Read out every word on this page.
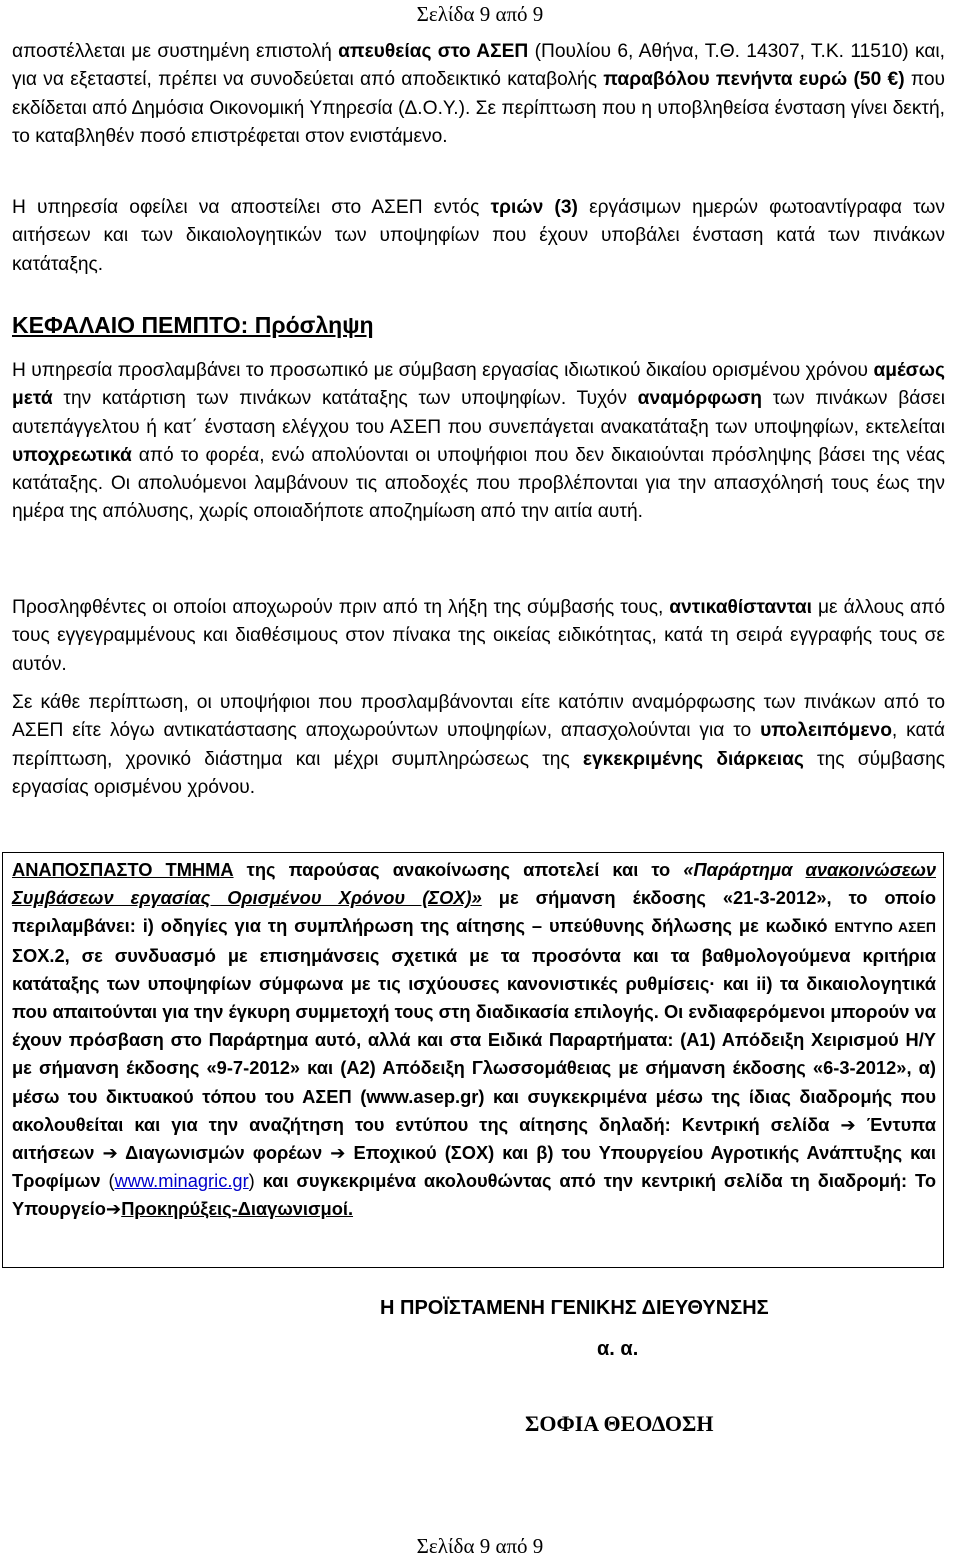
Σελίδα 9 από 9
αποστέλλεται με συστημένη επιστολή απευθείας στο ΑΣΕΠ (Πουλίου 6, Αθήνα, Τ.Θ. 14307, Τ.Κ. 11510) και, για να εξεταστεί, πρέπει να συνοδεύεται από αποδεικτικό καταβολής παραβόλου πενήντα ευρώ (50 €) που εκδίδεται από Δημόσια Οικονομική Υπηρεσία (Δ.Ο.Υ.). Σε περίπτωση που η υποβληθείσα ένσταση γίνει δεκτή, το καταβληθέν ποσό επιστρέφεται στον ενιστάμενο.
Η υπηρεσία οφείλει να αποστείλει στο ΑΣΕΠ εντός τριών (3) εργάσιμων ημερών φωτοαντίγραφα των αιτήσεων και των δικαιολογητικών των υποψηφίων που έχουν υποβάλει ένσταση κατά των πινάκων κατάταξης.
ΚΕΦΑΛΑΙΟ ΠΕΜΠΤΟ: Πρόσληψη
Η υπηρεσία προσλαμβάνει το προσωπικό με σύμβαση εργασίας ιδιωτικού δικαίου ορισμένου χρόνου αμέσως μετά την κατάρτιση των πινάκων κατάταξης των υποψηφίων. Τυχόν αναμόρφωση των πινάκων βάσει αυτεπάγγελτου ή κατ΄ ένσταση ελέγχου του ΑΣΕΠ που συνεπάγεται ανακατάταξη των υποψηφίων, εκτελείται υποχρεωτικά από το φορέα, ενώ απολύονται οι υποψήφιοι που δεν δικαιούνται πρόσληψης βάσει της νέας κατάταξης. Οι απολυόμενοι λαμβάνουν τις αποδοχές που προβλέπονται για την απασχόλησή τους έως την ημέρα της απόλυσης, χωρίς οποιαδήποτε αποζημίωση από την αιτία αυτή.
Προσληφθέντες οι οποίοι αποχωρούν πριν από τη λήξη της σύμβασής τους, αντικαθίστανται με άλλους από τους εγγεγραμμένους και διαθέσιμους στον πίνακα της οικείας ειδικότητας, κατά τη σειρά εγγραφής τους σε αυτόν.
Σε κάθε περίπτωση, οι υποψήφιοι που προσλαμβάνονται είτε κατόπιν αναμόρφωσης των πινάκων από το ΑΣΕΠ είτε λόγω αντικατάστασης αποχωρούντων υποψηφίων, απασχολούνται για το υπολειπόμενο, κατά περίπτωση, χρονικό διάστημα και μέχρι συμπληρώσεως της εγκεκριμένης διάρκειας της σύμβασης εργασίας ορισμένου χρόνου.
ΑΝΑΠΟΣΠΑΣΤΟ ΤΜΗΜΑ της παρούσας ανακοίνωσης αποτελεί και το «Παράρτημα ανακοινώσεων Συμβάσεων εργασίας Ορισμένου Χρόνου (ΣΟΧ)» με σήμανση έκδοσης «21-3-2012», το οποίο περιλαμβάνει: i) οδηγίες για τη συμπλήρωση της αίτησης – υπεύθυνης δήλωσης με κωδικό ΕΝΤΥΠΟ ΑΣΕΠ ΣΟΧ.2, σε συνδυασμό με επισημάνσεις σχετικά με τα προσόντα και τα βαθμολογούμενα κριτήρια κατάταξης των υποψηφίων σύμφωνα με τις ισχύουσες κανονιστικές ρυθμίσεις· και ii) τα δικαιολογητικά που απαιτούνται για την έγκυρη συμμετοχή τους στη διαδικασία επιλογής. Οι ενδιαφερόμενοι μπορούν να έχουν πρόσβαση στο Παράρτημα αυτό, αλλά και στα Ειδικά Παραρτήματα: (Α1) Απόδειξη Χειρισμού Η/Υ με σήμανση έκδοσης «9-7-2012» και (Α2) Απόδειξη Γλωσσομάθειας με σήμανση έκδοσης «6-3-2012», α) μέσω του δικτυακού τόπου του ΑΣΕΠ (www.asep.gr) και συγκεκριμένα μέσω της ίδιας διαδρομής που ακολουθείται και για την αναζήτηση του εντύπου της αίτησης δηλαδή: Κεντρική σελίδα ➔ Έντυπα αιτήσεων ➔ Διαγωνισμών φορέων ➔ Εποχικού (ΣΟΧ) και β) του Υπουργείου Αγροτικής Ανάπτυξης και Τροφίμων (www.minagric.gr) και συγκεκριμένα ακολουθώντας από την κεντρική σελίδα τη διαδρομή: Το Υπουργείο➔Προκηρύξεις-Διαγωνισμοί.
Η ΠΡΟΪΣΤΑΜΕΝΗ ΓΕΝΙΚΗΣ ΔΙΕΥΘΥΝΣΗΣ
α. α.
ΣΟΦΙΑ ΘΕΟΔΟΣΗ
Σελίδα 9 από 9
